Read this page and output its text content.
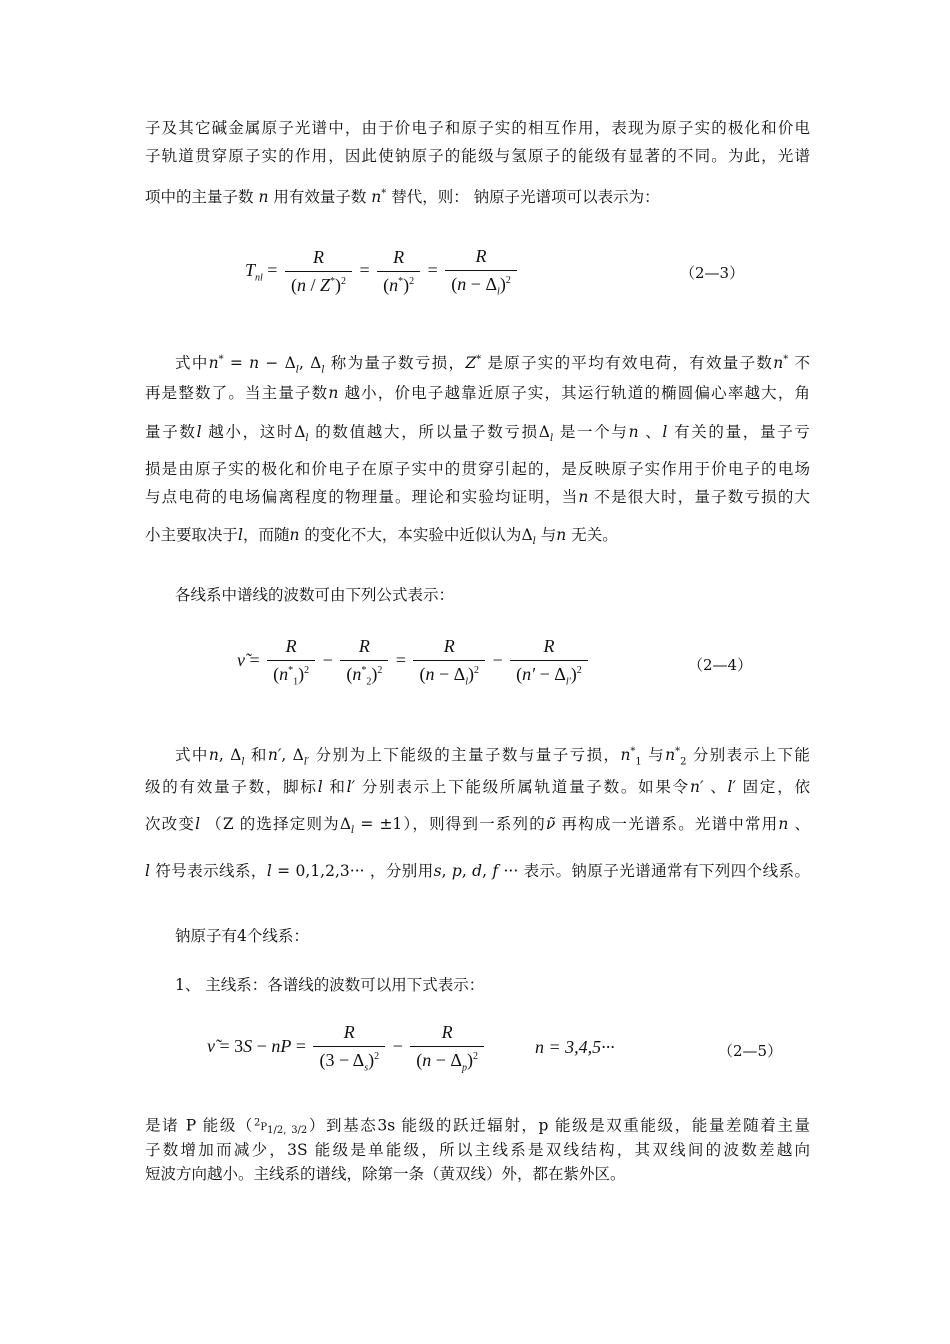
子及其它碱金属原子光谱中，由于价电子和原子实的相互作用，表现为原子实的极化和价电
子轨道贯穿原子实的作用，因此使钠原子的能级与氢原子的能级有显著的不同。为此，光谱
项中的主量子数 n 用有效量子数 n* 替代，则： 钠原子光谱项可以表示为：
$T_{nl} = \frac{R}{(n / Z^*)^2} = \frac{R}{(n^*)^2} = \frac{R}{(n - \Delta_l)^2}$	（2—3）
式中$n^* = n - \Delta_l$, $\Delta_l$ 称为量子数亏损，Z* 是原子实的平均有效电荷，有效量子数n* 不
再是整数了。当主量子数n 越小，价电子越靠近原子实，其运行轨道的椭圆偏心率越大，角
量子数l 越小，这时$\Delta_l$ 的数值越大，所以量子数亏损$\Delta_l$ 是一个与n 、l 有关的量，量子亏
损是由原子实的极化和价电子在原子实中的贯穿引起的，是反映原子实作用于价电子的电场
与点电荷的电场偏离程度的物理量。理论和实验均证明，当n 不是很大时，量子数亏损的大
小主要取决于l，而随n 的变化不大，本实验中近似认为$\Delta_l$ 与n 无关。
各线系中谱线的波数可由下列公式表示：
ν̃ = $\frac{R}{(n^*_1)^2} - \frac{R}{(n^*_2)^2} = \frac{R}{(n - \Delta_l)^2} - \frac{R}{(n' - \Delta_{l'})^2}$	（2—4）
式中n, $\Delta_l$ 和n′, $\Delta_{l'}$ 分别为上下能级的主量子数与量子亏损，$n^*_1$ 与$n^*_2$ 分别表示上下能
级的有效量子数，脚标l 和l′ 分别表示上下能级所属轨道量子数。如果令n′ 、l′ 固定，依
次改变l （Z 的选择定则为$\Delta_l = \pm 1$），则得到一系列的ν̃ 再构成一光谱系。光谱中常用n 、
l 符号表示线系，l = 0,1,2,3··· ，分别用s, p, d, f ··· 表示。钠原子光谱通常有下列四个线系。
钠原子有4个线系：
1、 主线系：各谱线的波数可以用下式表示：
ν̃ = 3S − nP = $\frac{R}{(3 - \Delta_s)^2} - \frac{R}{(n - \Delta_p)^2}$	n = 3,4,5···	（2—5）
是诸 P 能级$(^2P_{1/2, 3/2})$到基态3s 能级的跃迁辐射，p 能级是双重能级，能量差随着主量
子数增加而减少，3S 能级是单能级，所以主线系是双线结构，其双线间的波数差越向
短波方向越小。主线系的谱线，除第一条（黄双线）外，都在紫外区。
